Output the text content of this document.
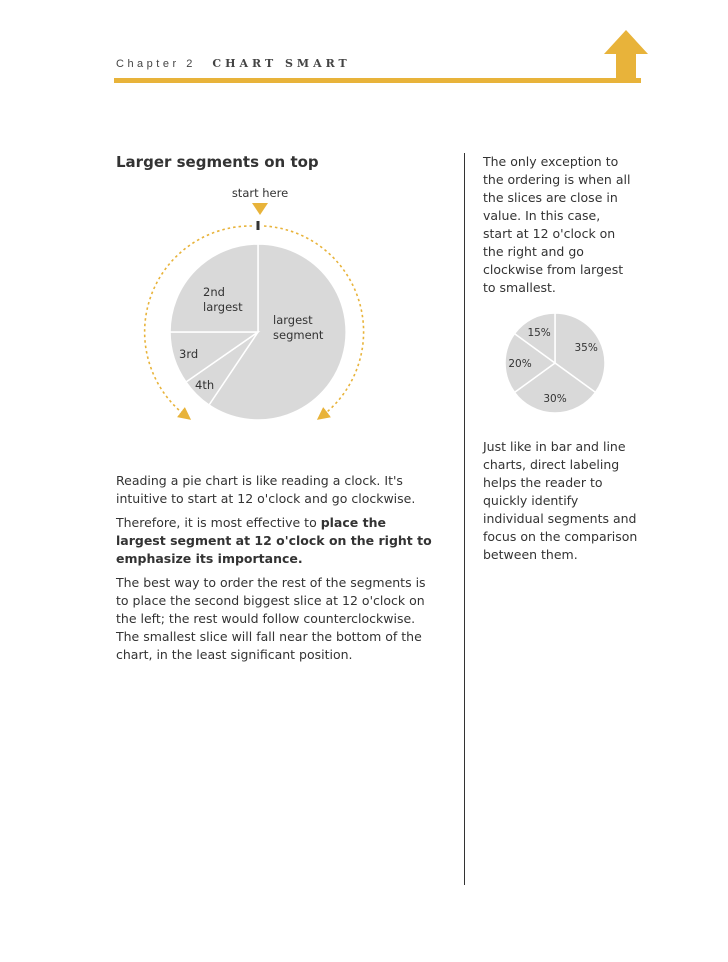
Chapter 2 CHART SMART
Larger segments on top
start here
largest
segment
2nd
largest
3rd
4th

Reading a pie chart is like reading a clock. It's intuitive to start at 12 o'clock and go clockwise.

Therefore, it is most effective to place the largest segment at 12 o'clock on the right to emphasize its importance.

The best way to order the rest of the segments is to place the second biggest slice at 12 o'clock on the left; the rest would follow counterclockwise. The smallest slice will fall near the bottom of the chart, in the least significant position.

The only exception to the ordering is when all the slices are close in value. In this case, start at 12 o'clock on the right and go clockwise from largest to smallest.
35%
30%
20%
15%
Just like in bar and line charts, direct labeling helps the reader to quickly identify individual segments and focus on the comparison between them.
